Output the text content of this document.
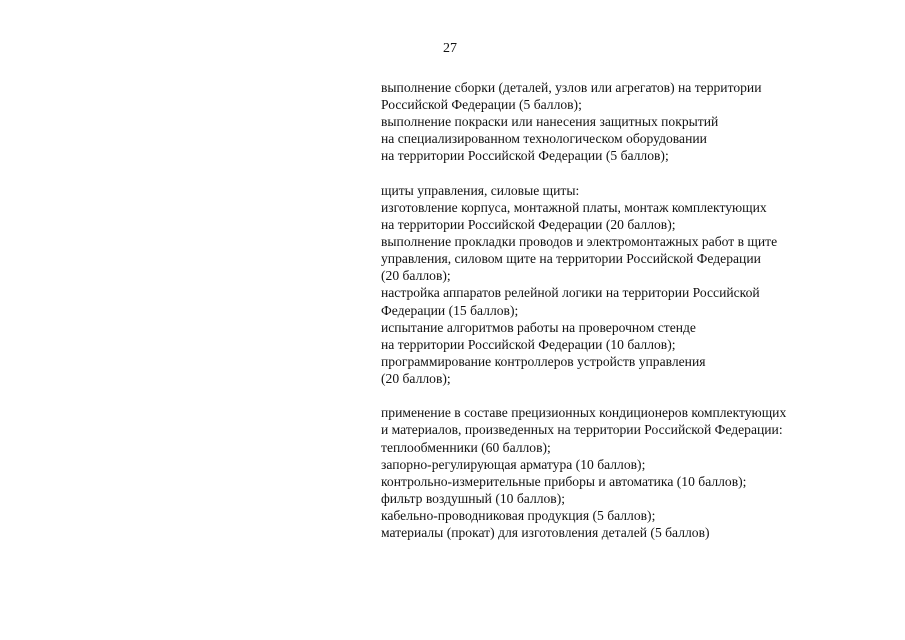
27
выполнение сборки (деталей, узлов или агрегатов) на территории
Российской Федерации (5 баллов);
выполнение покраски или нанесения защитных покрытий
на специализированном технологическом оборудовании
на территории Российской Федерации (5 баллов);
щиты управления, силовые щиты:
изготовление корпуса, монтажной платы, монтаж комплектующих
на территории Российской Федерации (20 баллов);
выполнение прокладки проводов и электромонтажных работ в щите
управления, силовом щите на территории Российской Федерации
(20 баллов);
настройка аппаратов релейной логики на территории Российской
Федерации (15 баллов);
испытание алгоритмов работы на проверочном стенде
на территории Российской Федерации (10 баллов);
программирование контроллеров устройств управления
(20 баллов);
применение в составе прецизионных кондиционеров комплектующих
и материалов, произведенных на территории Российской Федерации:
теплообменники (60 баллов);
запорно-регулирующая арматура (10 баллов);
контрольно-измерительные приборы и автоматика (10 баллов);
фильтр воздушный (10 баллов);
кабельно-проводниковая продукция (5 баллов);
материалы (прокат) для изготовления деталей (5 баллов)
